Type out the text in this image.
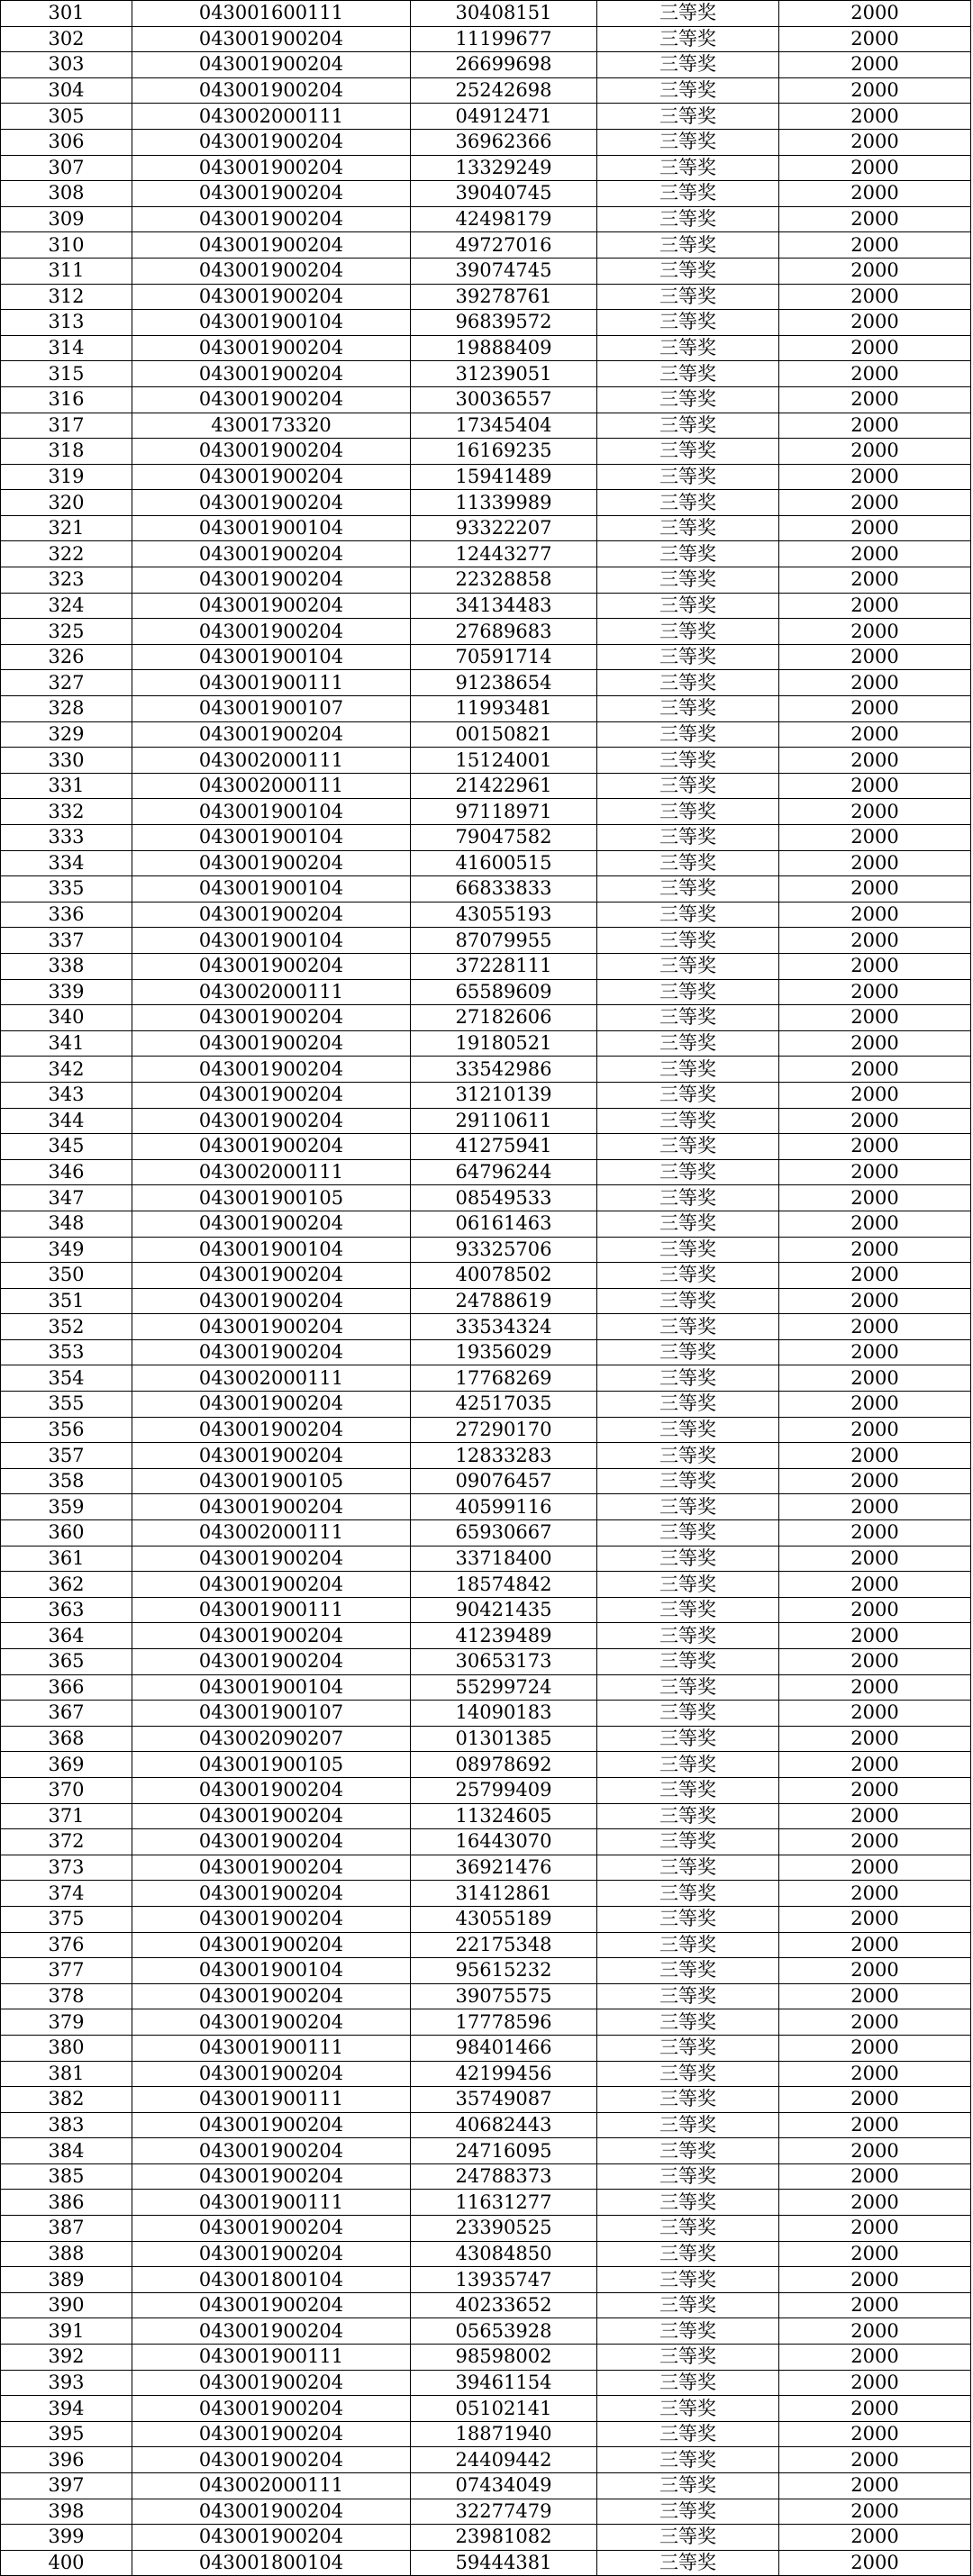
301	043001600111	30408151	三等奖	2000
302	043001900204	11199677	三等奖	2000
303	043001900204	26699698	三等奖	2000
304	043001900204	25242698	三等奖	2000
305	043002000111	04912471	三等奖	2000
306	043001900204	36962366	三等奖	2000
307	043001900204	13329249	三等奖	2000
308	043001900204	39040745	三等奖	2000
309	043001900204	42498179	三等奖	2000
310	043001900204	49727016	三等奖	2000
311	043001900204	39074745	三等奖	2000
312	043001900204	39278761	三等奖	2000
313	043001900104	96839572	三等奖	2000
314	043001900204	19888409	三等奖	2000
315	043001900204	31239051	三等奖	2000
316	043001900204	30036557	三等奖	2000
317	4300173320	17345404	三等奖	2000
318	043001900204	16169235	三等奖	2000
319	043001900204	15941489	三等奖	2000
320	043001900204	11339989	三等奖	2000
321	043001900104	93322207	三等奖	2000
322	043001900204	12443277	三等奖	2000
323	043001900204	22328858	三等奖	2000
324	043001900204	34134483	三等奖	2000
325	043001900204	27689683	三等奖	2000
326	043001900104	70591714	三等奖	2000
327	043001900111	91238654	三等奖	2000
328	043001900107	11993481	三等奖	2000
329	043001900204	00150821	三等奖	2000
330	043002000111	15124001	三等奖	2000
331	043002000111	21422961	三等奖	2000
332	043001900104	97118971	三等奖	2000
333	043001900104	79047582	三等奖	2000
334	043001900204	41600515	三等奖	2000
335	043001900104	66833833	三等奖	2000
336	043001900204	43055193	三等奖	2000
337	043001900104	87079955	三等奖	2000
338	043001900204	37228111	三等奖	2000
339	043002000111	65589609	三等奖	2000
340	043001900204	27182606	三等奖	2000
341	043001900204	19180521	三等奖	2000
342	043001900204	33542986	三等奖	2000
343	043001900204	31210139	三等奖	2000
344	043001900204	29110611	三等奖	2000
345	043001900204	41275941	三等奖	2000
346	043002000111	64796244	三等奖	2000
347	043001900105	08549533	三等奖	2000
348	043001900204	06161463	三等奖	2000
349	043001900104	93325706	三等奖	2000
350	043001900204	40078502	三等奖	2000
351	043001900204	24788619	三等奖	2000
352	043001900204	33534324	三等奖	2000
353	043001900204	19356029	三等奖	2000
354	043002000111	17768269	三等奖	2000
355	043001900204	42517035	三等奖	2000
356	043001900204	27290170	三等奖	2000
357	043001900204	12833283	三等奖	2000
358	043001900105	09076457	三等奖	2000
359	043001900204	40599116	三等奖	2000
360	043002000111	65930667	三等奖	2000
361	043001900204	33718400	三等奖	2000
362	043001900204	18574842	三等奖	2000
363	043001900111	90421435	三等奖	2000
364	043001900204	41239489	三等奖	2000
365	043001900204	30653173	三等奖	2000
366	043001900104	55299724	三等奖	2000
367	043001900107	14090183	三等奖	2000
368	043002090207	01301385	三等奖	2000
369	043001900105	08978692	三等奖	2000
370	043001900204	25799409	三等奖	2000
371	043001900204	11324605	三等奖	2000
372	043001900204	16443070	三等奖	2000
373	043001900204	36921476	三等奖	2000
374	043001900204	31412861	三等奖	2000
375	043001900204	43055189	三等奖	2000
376	043001900204	22175348	三等奖	2000
377	043001900104	95615232	三等奖	2000
378	043001900204	39075575	三等奖	2000
379	043001900204	17778596	三等奖	2000
380	043001900111	98401466	三等奖	2000
381	043001900204	42199456	三等奖	2000
382	043001900111	35749087	三等奖	2000
383	043001900204	40682443	三等奖	2000
384	043001900204	24716095	三等奖	2000
385	043001900204	24788373	三等奖	2000
386	043001900111	11631277	三等奖	2000
387	043001900204	23390525	三等奖	2000
388	043001900204	43084850	三等奖	2000
389	043001800104	13935747	三等奖	2000
390	043001900204	40233652	三等奖	2000
391	043001900204	05653928	三等奖	2000
392	043001900111	98598002	三等奖	2000
393	043001900204	39461154	三等奖	2000
394	043001900204	05102141	三等奖	2000
395	043001900204	18871940	三等奖	2000
396	043001900204	24409442	三等奖	2000
397	043002000111	07434049	三等奖	2000
398	043001900204	32277479	三等奖	2000
399	043001900204	23981082	三等奖	2000
400	043001800104	59444381	三等奖	2000
